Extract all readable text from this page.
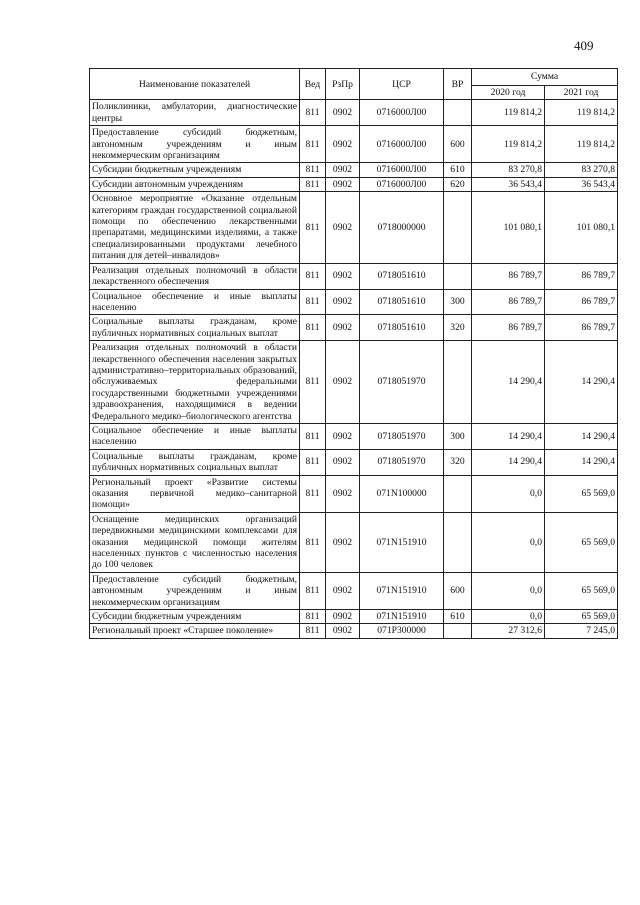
409
Наименование показателей	Вед	РзПр	ЦСР	ВР	Сумма	
					2020 год	2021 год
Поликлиники, амбулатории, диагностические центры	811	0902	0716000Л00		119 814,2	119 814,2
Предоставление субсидий бюджетным, автономным учреждениям и иным некоммерческим организациям	811	0902	0716000Л00	600	119 814,2	119 814,2
Субсидии бюджетным учреждениям	811	0902	0716000Л00	610	83 270,8	83 270,8
Субсидии автономным учреждениям	811	0902	0716000Л00	620	36 543,4	36 543,4
Основное мероприятие «Оказание отдельным категориям граждан государственной социальной помощи по обеспечению лекарственными препаратами, медицинскими изделиями, а также специализированными продуктами лечебного питания для детей–инвалидов»	811	0902	0718000000		101 080,1	101 080,1
Реализация отдельных полномочий в области лекарственного обеспечения	811	0902	0718051610		86 789,7	86 789,7
Социальное обеспечение и иные выплаты населению	811	0902	0718051610	300	86 789,7	86 789,7
Социальные выплаты гражданам, кроме публичных нормативных социальных выплат	811	0902	0718051610	320	86 789,7	86 789,7
Реализация отдельных полномочий в области лекарственного обеспечения населения закрытых административно–территориальных образований, обслуживаемых федеральными государственными бюджетными учреждениями здравоохранения, находящимися в ведении Федерального медико–биологического агентства	811	0902	0718051970		14 290,4	14 290,4
Социальное обеспечение и иные выплаты населению	811	0902	0718051970	300	14 290,4	14 290,4
Социальные выплаты гражданам, кроме публичных нормативных социальных выплат	811	0902	0718051970	320	14 290,4	14 290,4
Региональный проект «Развитие системы оказания первичной медико–санитарной помощи»	811	0902	071N100000		0,0	65 569,0
Оснащение медицинских организаций передвижными медицинскими комплексами для оказания медицинской помощи жителям населенных пунктов с численностью населения до 100 человек	811	0902	071N151910		0,0	65 569,0
Предоставление субсидий бюджетным, автономным учреждениям и иным некоммерческим организациям	811	0902	071N151910	600	0,0	65 569,0
Субсидии бюджетным учреждениям	811	0902	071N151910	610	0,0	65 569,0
Региональный проект «Старшее поколение»	811	0902	071P300000		27 312,6	7 245,0
